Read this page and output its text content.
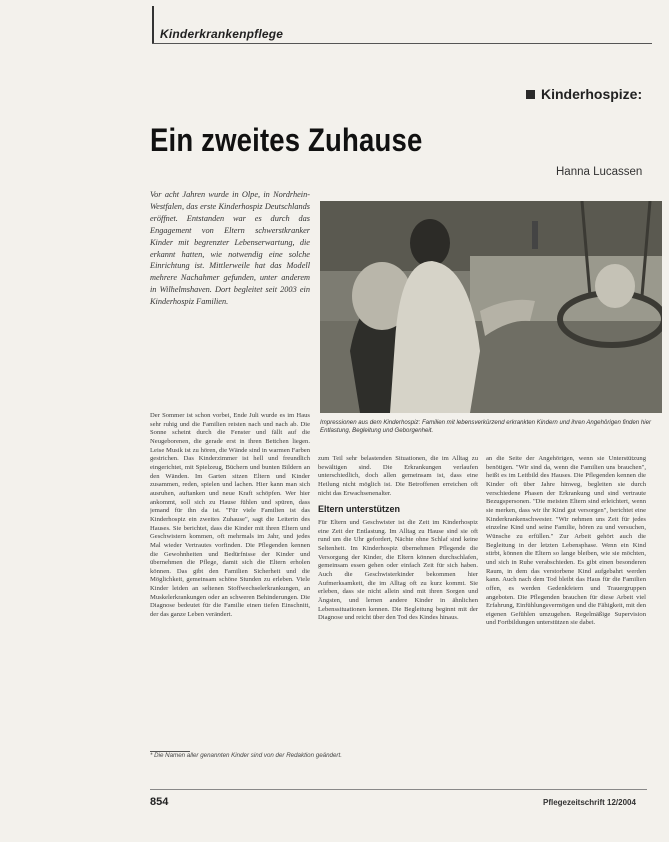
Kinderkrankenpflege
Kinderhospize:
Ein zweites Zuhause
Hanna Lucassen
Vor acht Jahren wurde in Olpe, in Nordrhein-Westfalen, das erste Kinderhospiz Deutschlands eröffnet. Entstanden war es durch das Engagement von Eltern schwerstkranker Kinder mit begrenzter Lebenserwartung, die erkannt hatten, wie notwendig eine solche Einrichtung ist. Mittlerweile hat das Modell mehrere Nachahmer gefunden, unter anderem in Wilhelmshaven. Dort begleitet seit 2003 ein Kinderhospiz Familien.
Impressionen aus dem Kinderhospiz: Familien mit lebensverkürzend erkrankten Kindern und ihren Angehörigen finden hier Entlastung, Begleitung und Geborgenheit.

Der Sommer ist schon vorbei, Ende Juli wurde es im Haus sehr ruhig und die Familien reisten nach und nach ab. Die Sonne scheint durch die Fenster und fällt auf die Neugeborenen, die gerade erst in ihren Bettchen liegen. Leise Musik ist zu hören, die Wände sind in warmen Farben gestrichen. Das Kinderzimmer ist hell und freundlich eingerichtet, mit Spielzeug, Büchern und bunten Bildern an den Wänden. Im Garten sitzen Eltern und Kinder zusammen, reden, spielen und lachen. Hier kann man sich ausruhen, auftanken und neue Kraft schöpfen. Wer hier ankommt, soll sich zu Hause fühlen und spüren, dass jemand für ihn da ist. "Für viele Familien ist das Kinderhospiz ein zweites Zuhause", sagt die Leiterin des Hauses. Sie berichtet, dass die Kinder mit ihren Eltern und Geschwistern kommen, oft mehrmals im Jahr, und jedes Mal wieder Vertrautes vorfinden. Die Pflegenden kennen die Gewohnheiten und Bedürfnisse der Kinder und übernehmen die Pflege, damit sich die Eltern erholen können. Das gibt den Familien Sicherheit und die Möglichkeit, gemeinsam schöne Stunden zu erleben. Viele Kinder leiden an seltenen Stoffwechselerkrankungen, an Muskelerkrankungen oder an schweren Behinderungen. Die Diagnose bedeutet für die Familie einen tiefen Einschnitt, der das ganze Leben verändert.

zum Teil sehr belastenden Situationen, die im Alltag zu bewältigen sind. Die Erkrankungen verlaufen unterschiedlich, doch allen gemeinsam ist, dass eine Heilung nicht möglich ist. Die Betroffenen erreichen oft nicht das Erwachsenenalter.

Eltern unterstützen

Für Eltern und Geschwister ist die Zeit im Kinderhospiz eine Zeit der Entlastung. Im Alltag zu Hause sind sie oft rund um die Uhr gefordert, Nächte ohne Schlaf sind keine Seltenheit. Im Kinderhospiz übernehmen Pflegende die Versorgung der Kinder, die Eltern können durchschlafen, gemeinsam essen gehen oder einfach Zeit für sich haben. Auch die Geschwisterkinder bekommen hier Aufmerksamkeit, die im Alltag oft zu kurz kommt. Sie erleben, dass sie nicht allein sind mit ihren Sorgen und Ängsten, und lernen andere Kinder in ähnlichen Lebenssituationen kennen. Die Begleitung beginnt mit der Diagnose und reicht über den Tod des Kindes hinaus.

an die Seite der Angehörigen, wenn sie Unterstützung benötigen. "Wir sind da, wenn die Familien uns brauchen", heißt es im Leitbild des Hauses. Die Pflegenden kennen die Kinder oft über Jahre hinweg, begleiten sie durch verschiedene Phasen der Erkrankung und sind vertraute Bezugspersonen. "Die meisten Eltern sind erleichtert, wenn sie merken, dass wir ihr Kind gut versorgen", berichtet eine Kinderkrankenschwester. "Wir nehmen uns Zeit für jedes einzelne Kind und seine Familie, hören zu und versuchen, Wünsche zu erfüllen." Zur Arbeit gehört auch die Begleitung in der letzten Lebensphase. Wenn ein Kind stirbt, können die Eltern so lange bleiben, wie sie möchten, und sich in Ruhe verabschieden. Es gibt einen besonderen Raum, in dem das verstorbene Kind aufgebahrt werden kann. Auch nach dem Tod bleibt das Haus für die Familien offen, es werden Gedenkfeiern und Trauergruppen angeboten. Die Pflegenden brauchen für diese Arbeit viel Erfahrung, Einfühlungsvermögen und die Fähigkeit, mit den eigenen Gefühlen umzugehen. Regelmäßige Supervision und Fortbildungen unterstützen sie dabei.

* Die Namen aller genannten Kinder sind von der Redaktion geändert.
854	Pflegezeitschrift 12/2004
